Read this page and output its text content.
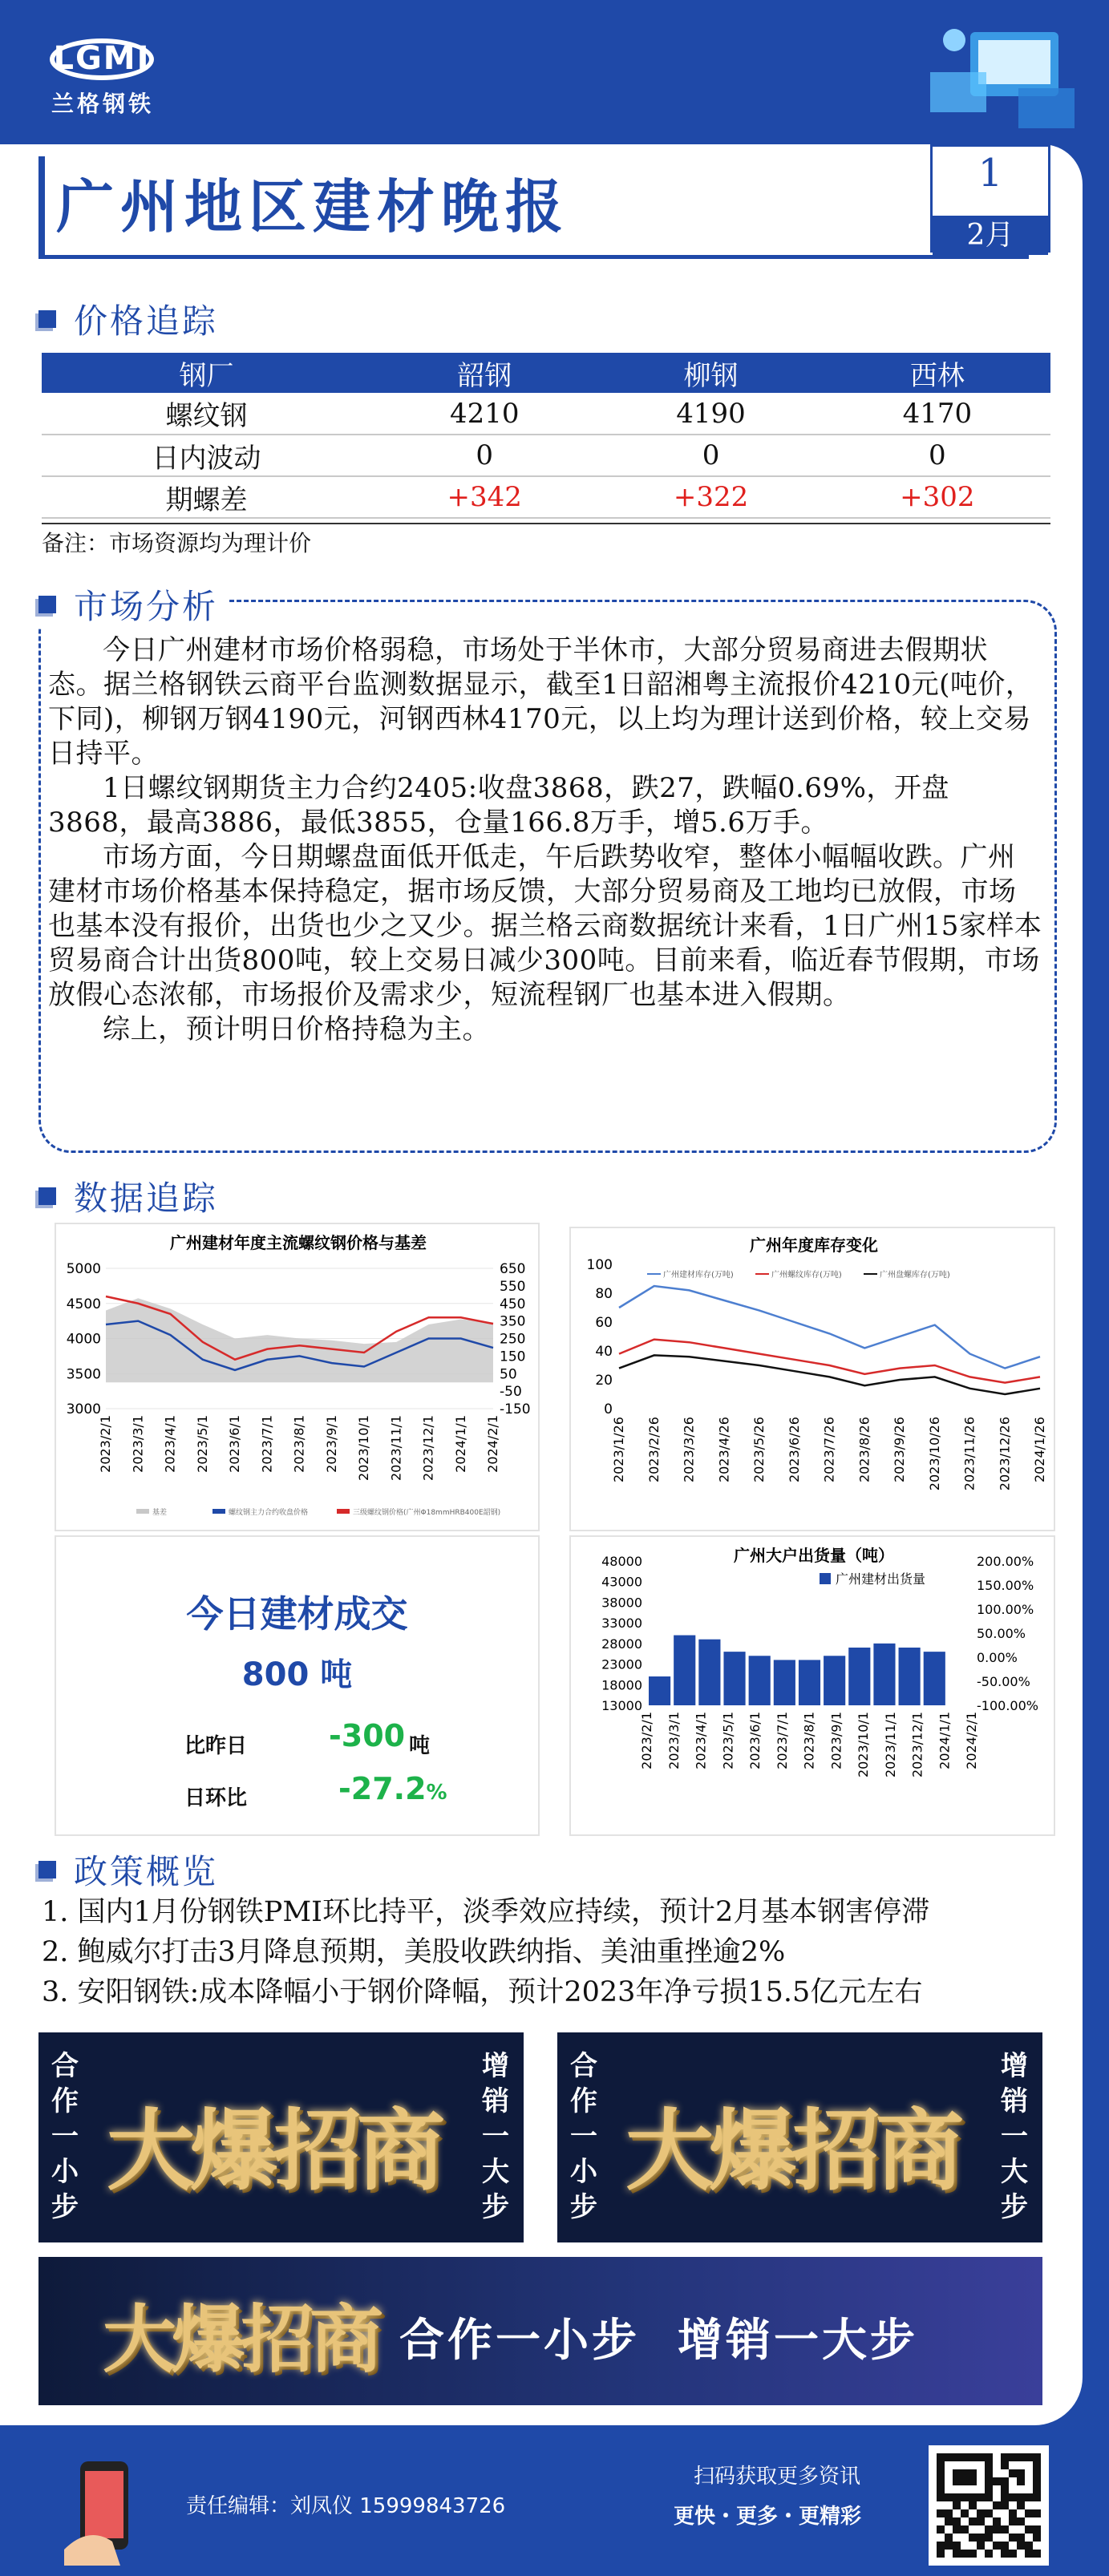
LGMI
兰格钢铁
广州地区建材晚报	1
2月
价格追踪
钢厂	韶钢	柳钢	西林
螺纹钢	4210	4190	4170
日内波动	0	0	0
期螺差	+342	+322	+302
备注：市场资源均为理计价
市场分析

今日广州建材市场价格弱稳，市场处于半休市，大部分贸易商进去假期状态。据兰格钢铁云商平台监测数据显示，截至1日韶湘粤主流报价4210元(吨价，下同)，柳钢万钢4190元，河钢西林4170元，以上均为理计送到价格，较上交易日持平。

1日螺纹钢期货主力合约2405:收盘3868，跌27，跌幅0.69%，开盘3868，最高3886，最低3855，仓量166.8万手，增5.6万手。

市场方面，今日期螺盘面低开低走，午后跌势收窄，整体小幅幅收跌。广州建材市场价格基本保持稳定，据市场反馈，大部分贸易商及工地均已放假，市场也基本没有报价，出货也少之又少。据兰格云商数据统计来看，1日广州15家样本贸易商合计出货800吨，较上交易日减少300吨。目前来看，临近春节假期，市场放假心态浓郁，市场报价及需求少，短流程钢厂也基本进入假期。

综上，预计明日价格持稳为主。

数据追踪
广州建材年度主流螺纹钢价格与基差
5000
4500
4000
3500
3000
650
550
450
350
250
150
50
-50
-150
2023/2/1 2023/3/1 2023/4/1 2023/5/1 2023/6/1 2023/7/1 2023/8/1 2023/9/1 2023/10/1 2023/11/1 2023/12/1 2024/1/1 2024/2/1
基差	螺纹钢主力合约收盘价格	三级螺纹钢价格(广州Φ18mmHRB400E韶钢)
广州年度库存变化
100
80
60
40
20
0
广州建材库存(万吨)	广州螺纹库存(万吨)	广州盘螺库存(万吨)
2023/1/26 2023/2/26 2023/3/26 2023/4/26 2023/5/26 2023/6/26 2023/7/26 2023/8/26 2023/9/26 2023/10/26 2023/11/26 2023/12/26 2024/1/26
今日建材成交
800 吨
比昨日	-300 吨
日环比	-27.2%
广州大户出货量（吨）
48000
43000
38000
33000
28000
23000
18000
13000
200.00%
150.00%
100.00%
50.00%
0.00%
-50.00%
-100.00%
广州建材出货量
2023/2/1 2023/3/1 2023/4/1 2023/5/1 2023/6/1 2023/7/1 2023/8/1 2023/9/1 2023/10/1 2023/11/1 2023/12/1 2024/1/1 2024/2/1
政策概览
1. 国内1月份钢铁PMI环比持平，淡季效应持续，预计2月基本钢害停滞
2. 鲍威尔打击3月降息预期，美股收跌纳指、美油重挫逾2%
3. 安阳钢铁:成本降幅小于钢价降幅，预计2023年净亏损15.5亿元左右
合
作
一
小
步
大爆招商
增
销
一
大
步
合
作
一
小
步
大爆招商
增
销
一
大
步
大爆招商 合作一小步  增销一大步
责任编辑：刘凤仪 15999843726
扫码获取更多资讯
更快・更多・更精彩
